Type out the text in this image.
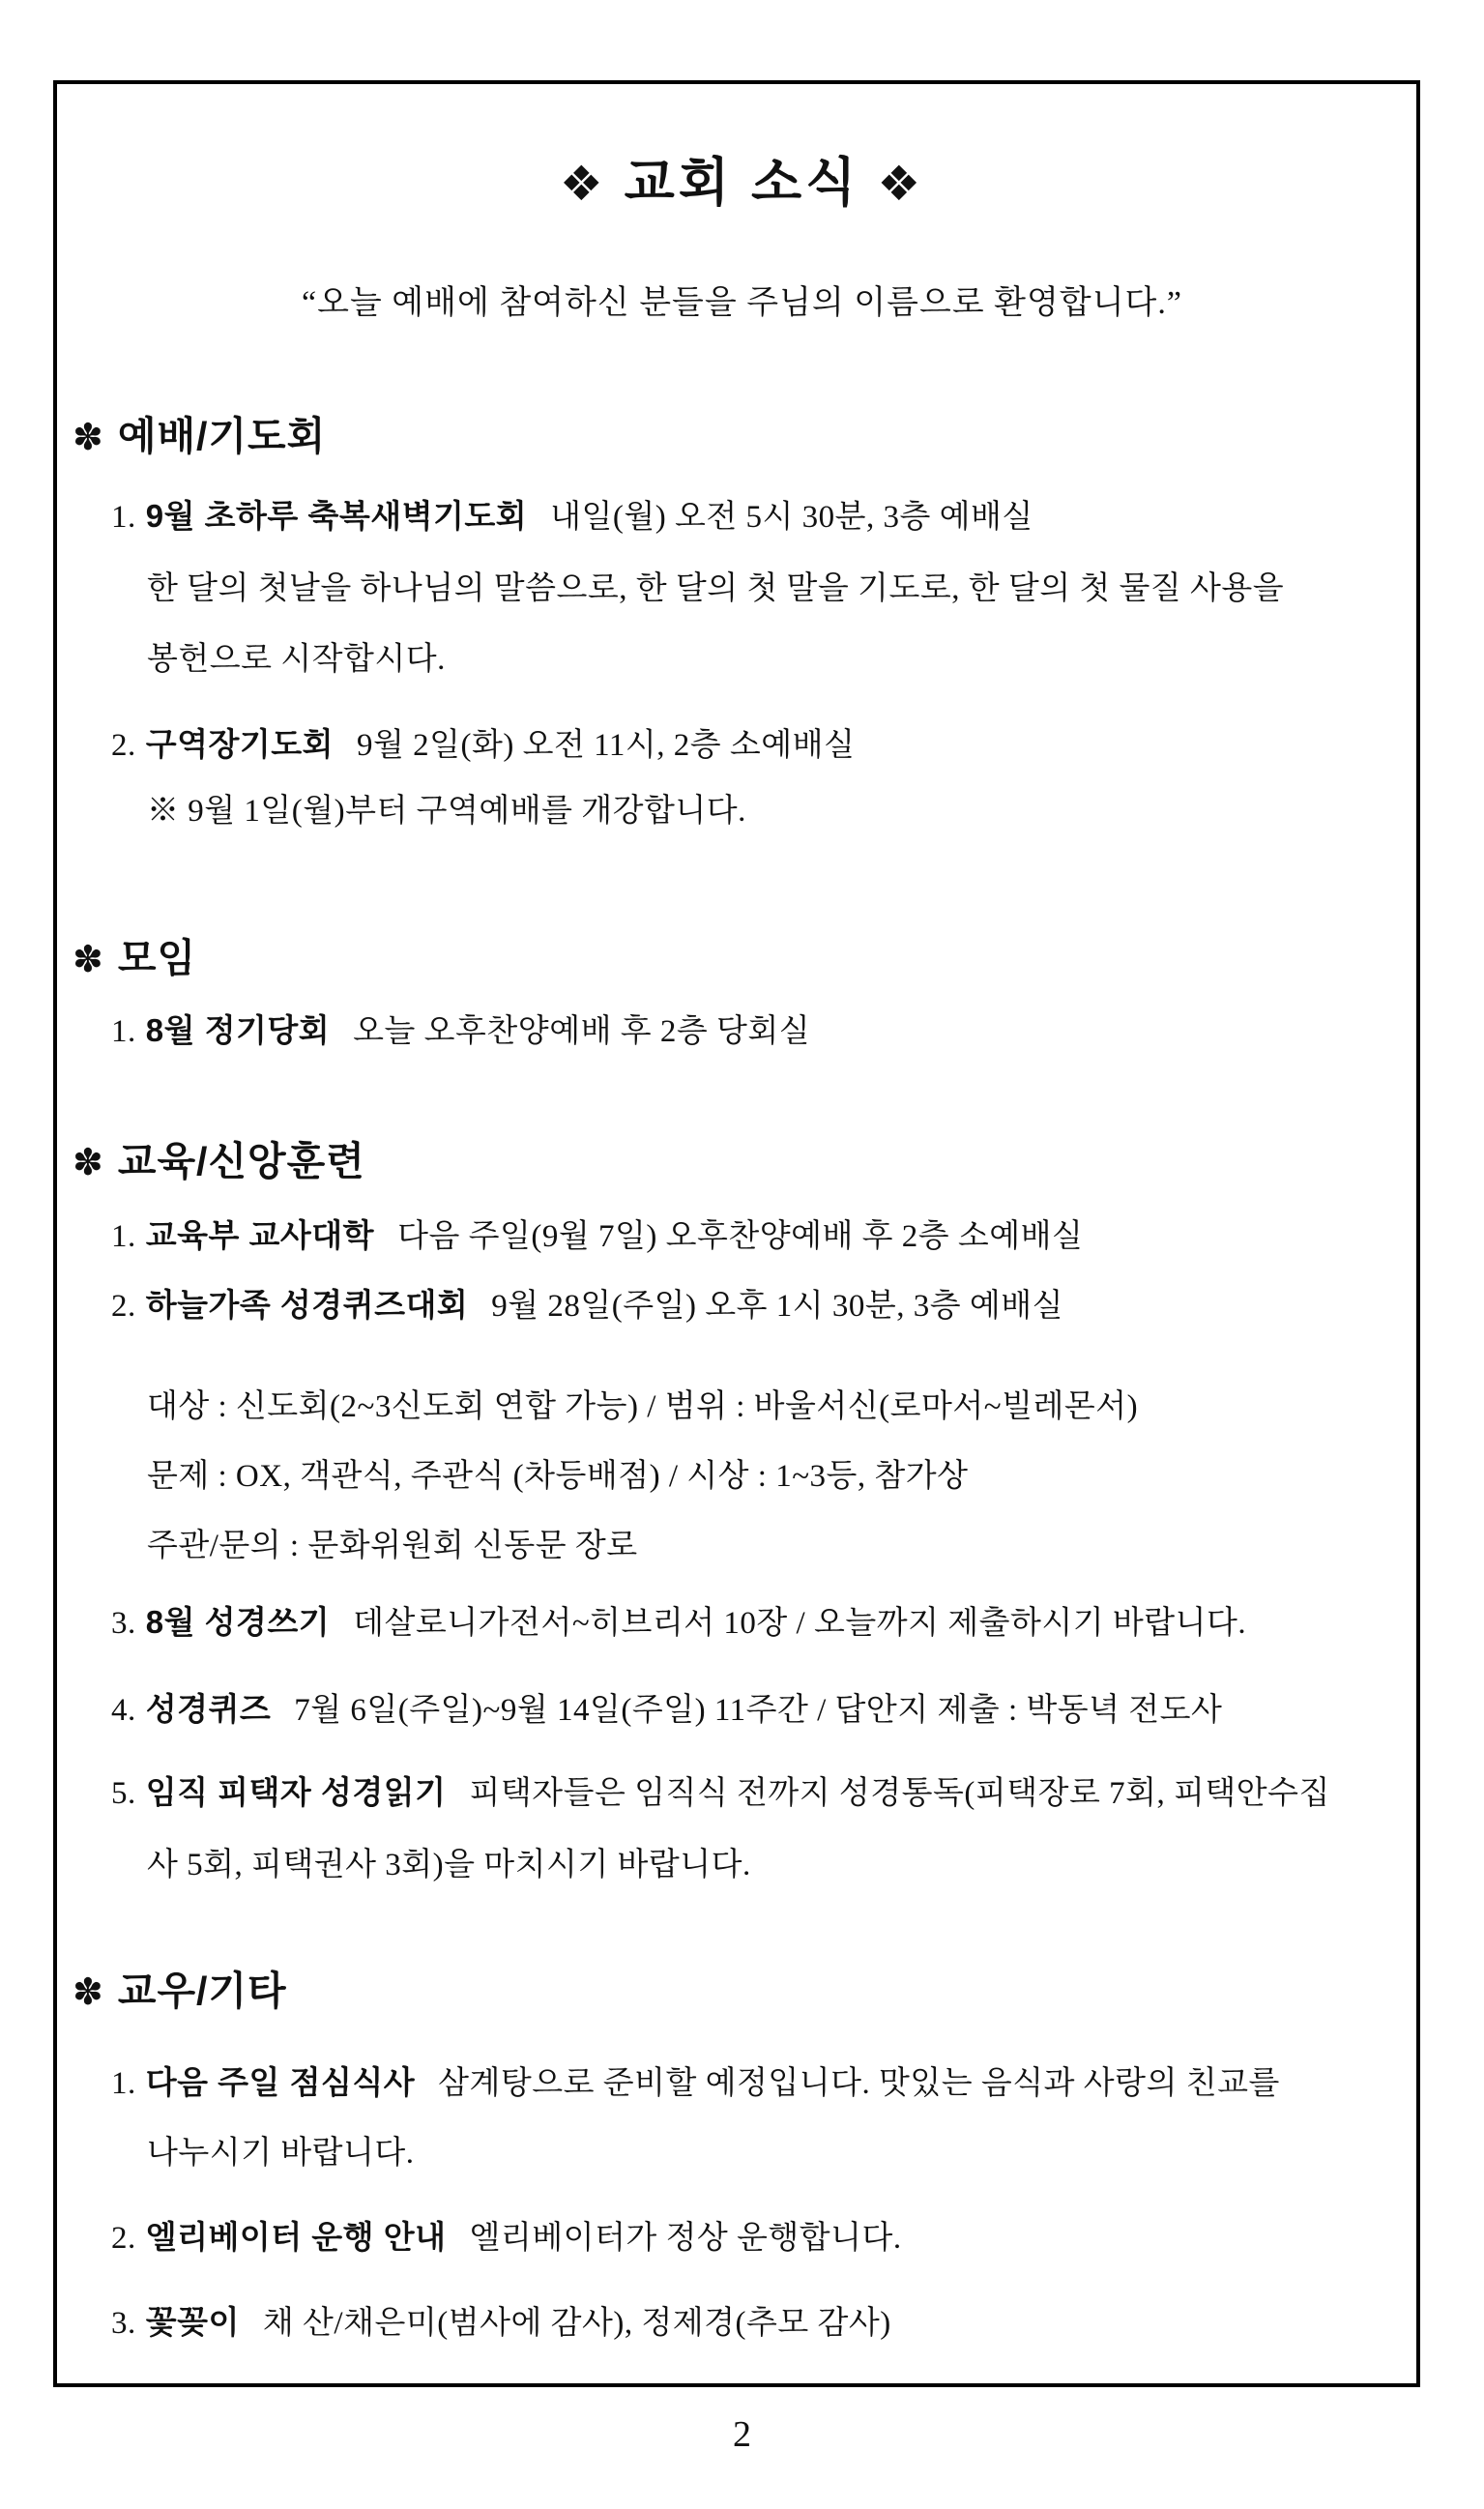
❖ 교회 소식 ❖
“오늘 예배에 참여하신 분들을 주님의 이름으로 환영합니다.”
✽ 예배/기도회
1. 9월 초하루 축복새벽기도회 내일(월) 오전 5시 30분, 3층 예배실
한 달의 첫날을 하나님의 말씀으로, 한 달의 첫 말을 기도로, 한 달의 첫 물질 사용을
봉헌으로 시작합시다.
2. 구역장기도회 9월 2일(화) 오전 11시, 2층 소예배실
※ 9월 1일(월)부터 구역예배를 개강합니다.
✽ 모임
1. 8월 정기당회 오늘 오후찬양예배 후 2층 당회실
✽ 교육/신앙훈련
1. 교육부 교사대학 다음 주일(9월 7일) 오후찬양예배 후 2층 소예배실
2. 하늘가족 성경퀴즈대회 9월 28일(주일) 오후 1시 30분, 3층 예배실
대상 : 신도회(2~3신도회 연합 가능) / 범위 : 바울서신(로마서~빌레몬서)
문제 : OX, 객관식, 주관식 (차등배점) / 시상 : 1~3등, 참가상
주관/문의 : 문화위원회 신동문 장로
3. 8월 성경쓰기 데살로니가전서~히브리서 10장 / 오늘까지 제출하시기 바랍니다.
4. 성경퀴즈 7월 6일(주일)~9월 14일(주일) 11주간 / 답안지 제출 : 박동녁 전도사
5. 임직 피택자 성경읽기 피택자들은 임직식 전까지 성경통독(피택장로 7회, 피택안수집
사 5회, 피택권사 3회)을 마치시기 바랍니다.
✽ 교우/기타
1. 다음 주일 점심식사 삼계탕으로 준비할 예정입니다. 맛있는 음식과 사랑의 친교를
나누시기 바랍니다.
2. 엘리베이터 운행 안내 엘리베이터가 정상 운행합니다.
3. 꽃꽂이 채 산/채은미(범사에 감사), 정제경(추모 감사)
2
